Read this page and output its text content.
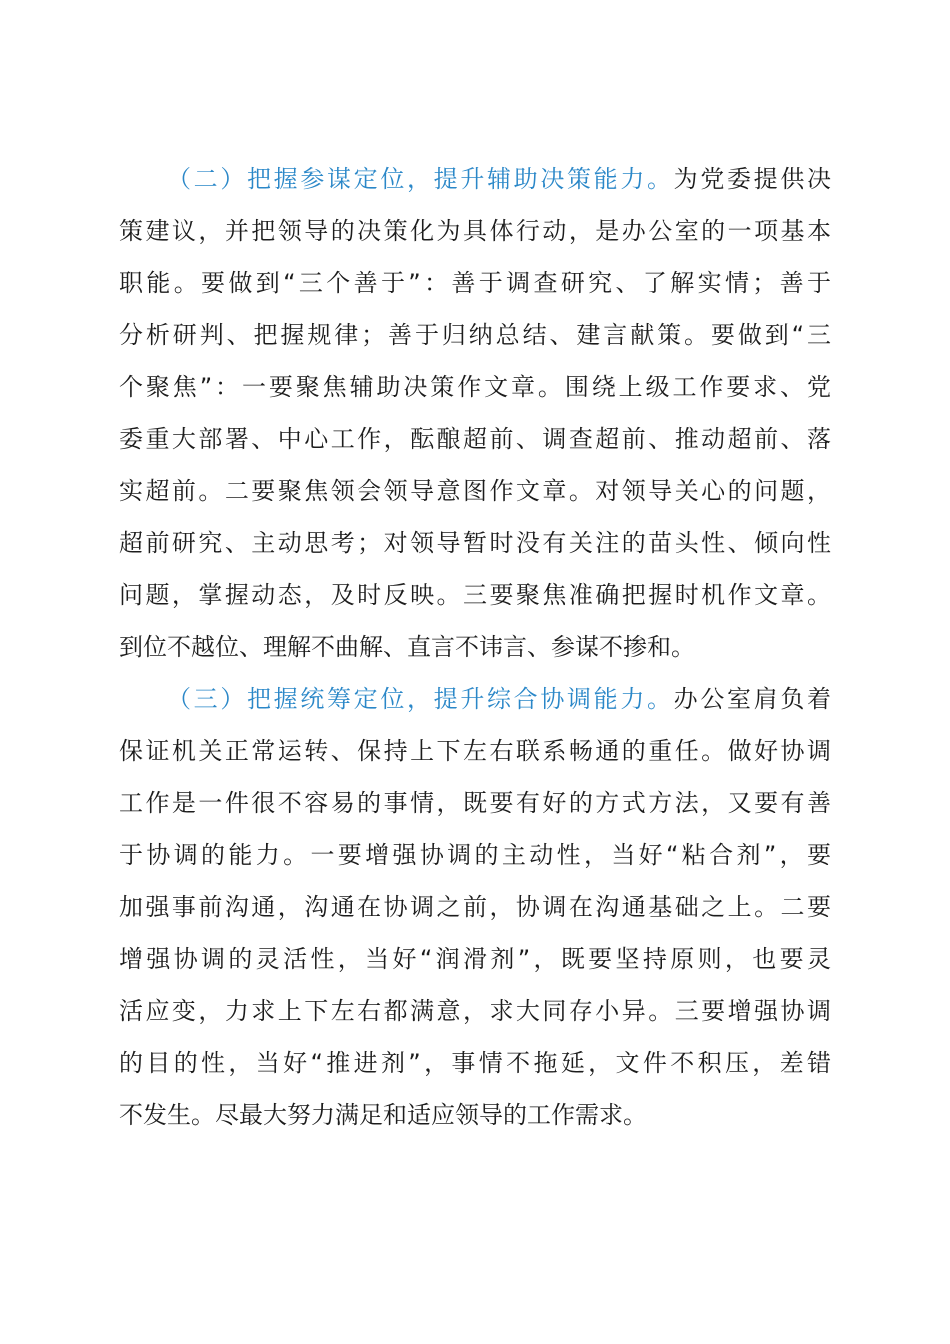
（二）把握参谋定位，提升辅助决策能力。为党委提供决
策建议，并把领导的决策化为具体行动，是办公室的一项基本
职能。要做到“三个善于”：善于调查研究、了解实情；善于
分析研判、把握规律；善于归纳总结、建言献策。要做到“三
个聚焦”：一要聚焦辅助决策作文章。围绕上级工作要求、党
委重大部署、中心工作，酝酿超前、调查超前、推动超前、落
实超前。二要聚焦领会领导意图作文章。对领导关心的问题，
超前研究、主动思考；对领导暂时没有关注的苗头性、倾向性
问题，掌握动态，及时反映。三要聚焦准确把握时机作文章。
到位不越位、理解不曲解、直言不讳言、参谋不掺和。
（三）把握统筹定位，提升综合协调能力。办公室肩负着
保证机关正常运转、保持上下左右联系畅通的重任。做好协调
工作是一件很不容易的事情，既要有好的方式方法，又要有善
于协调的能力。一要增强协调的主动性，当好“粘合剂”，要
加强事前沟通，沟通在协调之前，协调在沟通基础之上。二要
增强协调的灵活性，当好“润滑剂”，既要坚持原则，也要灵
活应变，力求上下左右都满意，求大同存小异。三要增强协调
的目的性，当好“推进剂”，事情不拖延，文件不积压，差错
不发生。尽最大努力满足和适应领导的工作需求。
